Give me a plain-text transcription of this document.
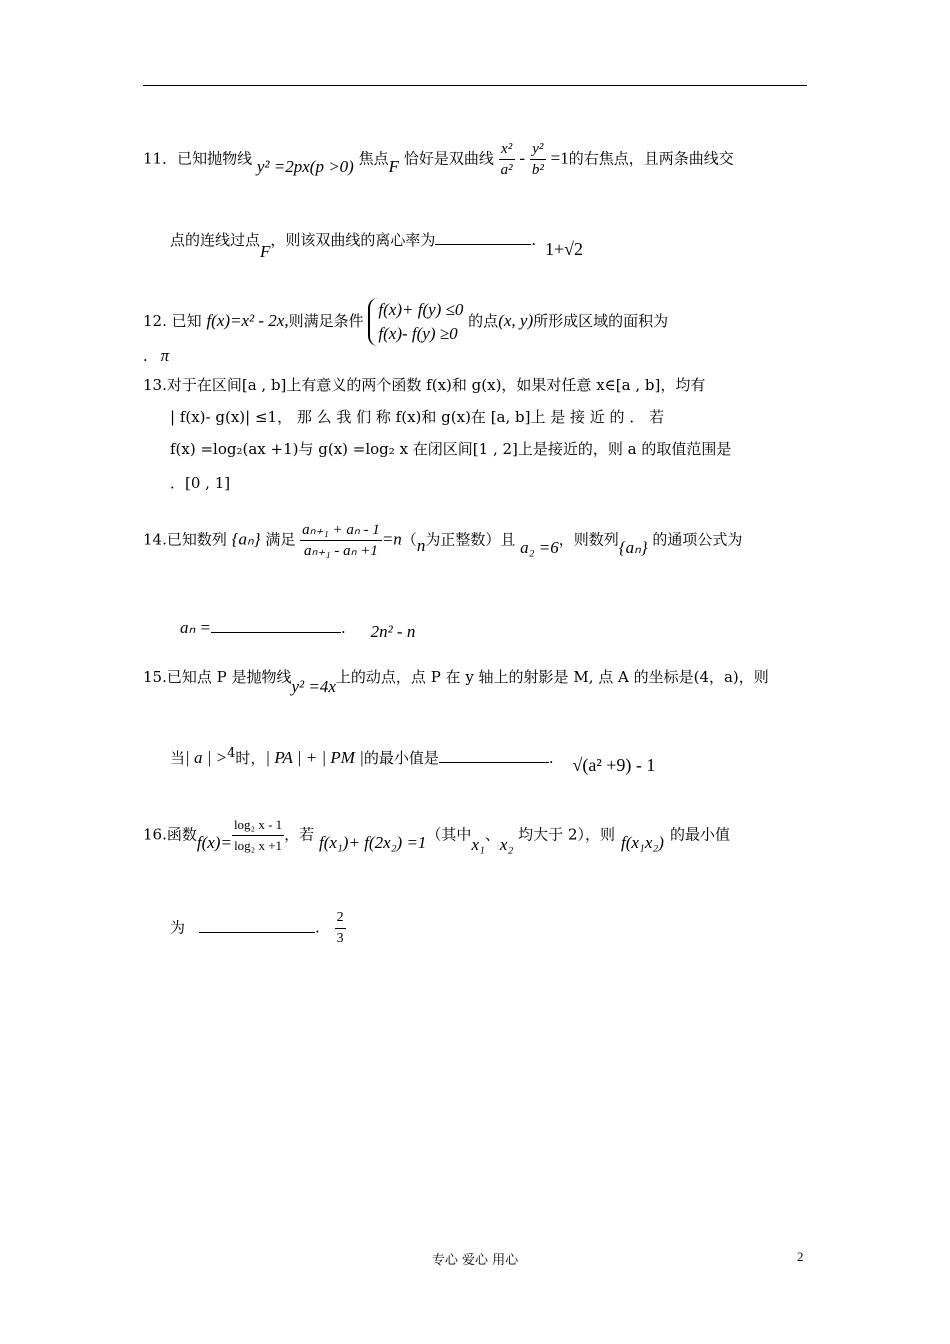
11．已知抛物线 y² =2px(p >0) 焦点F 恰好是双曲线 $\frac{\text{x²}}{\text{a²}} - \frac{\text{y²}}{\text{b²}} =1$的右焦点，且两条曲线交
点的连线过点F，则该双曲线的离心率为	. 1+√2
12. 已知 f(x)=x² - 2x,则满足条件
f(x)+ f(y) ≤0
f(x)- f(y) ≥0
的点(x, y)所形成区域的面积为
. π
13.对于在区间[a , b]上有意义的两个函数 f(x)和 g(x)，如果对任意 x∈[a , b]，均有
| f(x)- g(x)| ≤1， 那 么 我 们 称 f(x)和 g(x)在 [a, b]上 是 接 近 的 ． 若
f(x) =log₂(ax +1)与 g(x) =log₂ x 在闭区间[1 , 2]上是接近的，则 a 的取值范围是
．[0 , 1]
14.已知数列 {aₙ} 满足 $\frac{\text{aₙ₊₁ + aₙ - 1}}{\text{aₙ₊₁ - aₙ +1}} =n(n$为正整数）且 a₂ =6，则数列{aₙ} 的通项公式为
aₙ =	. 2n² - n
15.已知点 P 是抛物线y² =4x上的动点，点 P 在 y 轴上的射影是 M, 点 A 的坐标是(4，a)，则
当| a | >4时，| PA | + | PM |的最小值是	. √(a² +9) - 1
16.函数$f(x)= \frac{\text{log₂ x - 1}}{\text{log₂ x +1}}$ ，若 f(x₁)+ f(2x₂) =1（其中x₁、x₂ 均大于 2），则 f(x₁x₂) 的最小值
为	. $\frac{2}{3}$
专心 爱心 用心	2
